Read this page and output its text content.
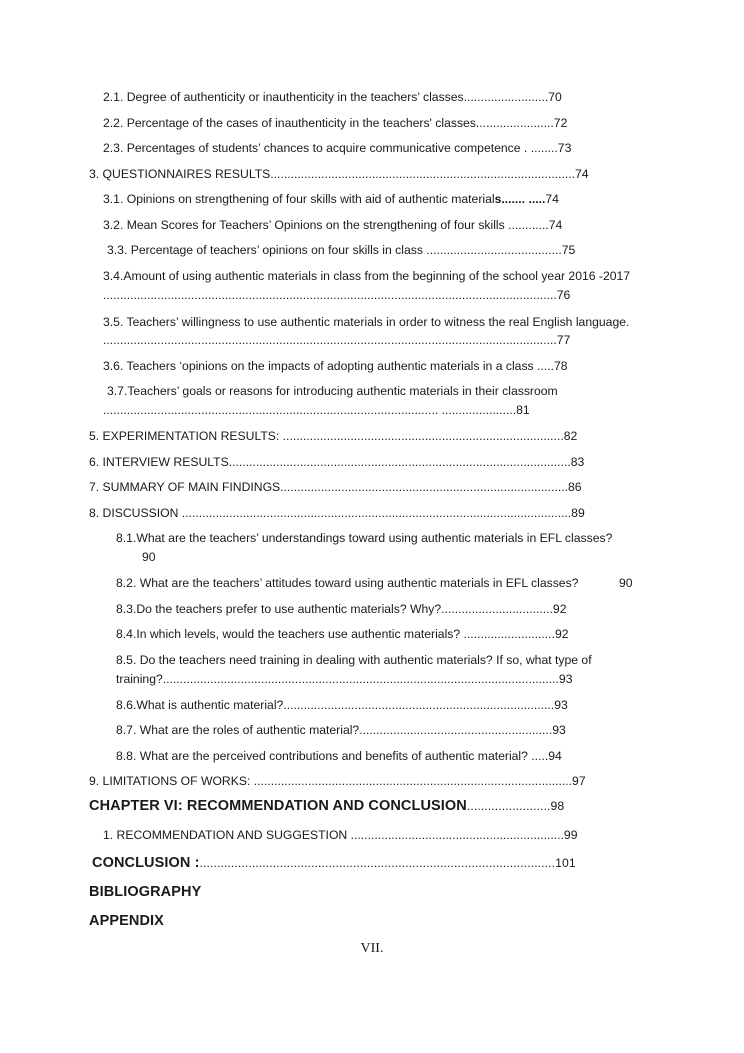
2.1. Degree of authenticity or inauthenticity in the teachers’ classes.........................70
2.2. Percentage of the cases of inauthenticity in the teachers' classes.......................72
2.3. Percentages of students’ chances to acquire communicative competence . ........73
3. QUESTIONNAIRES RESULTS..........................................................................................74
3.1. Opinions on strengthening of four skills with aid of authentic materials....... .....74
3.2. Mean Scores for Teachers’ Opinions on the strengthening of four skills ............74
3.3. Percentage of teachers’ opinions on four skills in class ........................................75
3.4.Amount of using authentic materials in class from the beginning of the school year 2016 -2017
......................................................................................................................................76
3.5. Teachers’ willingness to use authentic materials in order to witness the real English language.
......................................................................................................................................77
3.6. Teachers ‘opinions on the impacts of adopting authentic materials in a class .....78
3.7.Teachers’ goals or reasons for introducing authentic materials in their classroom
................................................................................................... ......................81
5. EXPERIMENTATION RESULTS: ...................................................................................82
6. INTERVIEW RESULTS.....................................................................................................83
7. SUMMARY OF MAIN FINDINGS.....................................................................................86
8. DISCUSSION ...................................................................................................................89
8.1.What are the teachers’ understandings toward using authentic materials in EFL classes?
90
8.2. What are the teachers’ attitudes toward using authentic materials in EFL classes?	90
8.3.Do the teachers prefer to use authentic materials? Why?.................................92
8.4.In which levels, would the teachers use authentic materials? ...........................92
8.5. Do the teachers need training in dealing with authentic materials? If so, what type of
training?.....................................................................................................................93
8.6.What is authentic material?................................................................................93
8.7. What are the roles of authentic material?.........................................................93
8.8. What are the perceived contributions and benefits of authentic material? .....94
9. LIMITATIONS OF WORKS: ..............................................................................................97
CHAPTER VI: RECOMMENDATION AND CONCLUSION........................98
1. RECOMMENDATION AND SUGGESTION ...............................................................99
CONCLUSION :......................................................................................................101
BIBLIOGRAPHY
APPENDIX
VII.
